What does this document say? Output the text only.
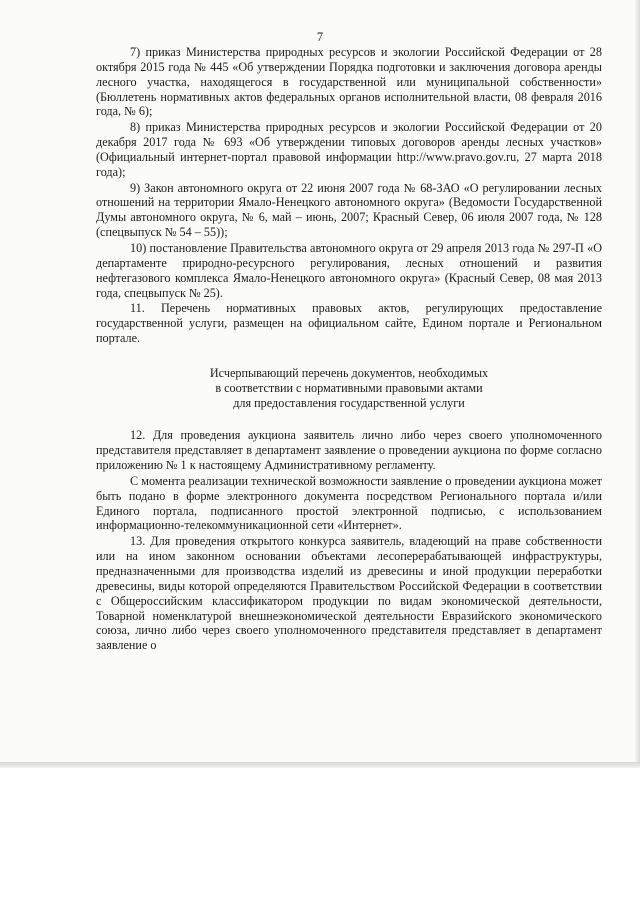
7

7) приказ Министерства природных ресурсов и экологии Российской Федерации от 28 октября 2015 года № 445 «Об утверждении Порядка подготовки и заключения договора аренды лесного участка, находящегося в государственной или муниципальной собственности» (Бюллетень нормативных актов федеральных органов исполнительной власти, 08 февраля 2016 года, № 6);

8) приказ Министерства природных ресурсов и экологии Российской Федерации от 20 декабря 2017 года № 693 «Об утверждении типовых договоров аренды лесных участков» (Официальный интернет-портал правовой информации http://www.pravo.gov.ru, 27 марта 2018 года);

9) Закон автономного округа от 22 июня 2007 года № 68-ЗАО «О регулировании лесных отношений на территории Ямало-Ненецкого автономного округа» (Ведомости Государственной Думы автономного округа, № 6, май – июнь, 2007; Красный Север, 06 июля 2007 года, № 128 (спецвыпуск № 54 – 55));

10) постановление Правительства автономного округа от 29 апреля 2013 года № 297-П «О департаменте природно-ресурсного регулирования, лесных отношений и развития нефтегазового комплекса Ямало-Ненецкого автономного округа» (Красный Север, 08 мая 2013 года, спецвыпуск № 25).

11. Перечень нормативных правовых актов, регулирующих предоставление государственной услуги, размещен на официальном сайте, Едином портале и Региональном портале.

Исчерпывающий перечень документов, необходимых
в соответствии с нормативными правовыми актами
для предоставления государственной услуги

12. Для проведения аукциона заявитель лично либо через своего уполномоченного представителя представляет в департамент заявление о проведении аукциона по форме согласно приложению № 1 к настоящему Административному регламенту.

С момента реализации технической возможности заявление о проведении аукциона может быть подано в форме электронного документа посредством Регионального портала и/или Единого портала, подписанного простой электронной подписью, с использованием информационно-телекоммуникационной сети «Интернет».

13. Для проведения открытого конкурса заявитель, владеющий на праве собственности или на ином законном основании объектами лесоперерабатывающей инфраструктуры, предназначенными для производства изделий из древесины и иной продукции переработки древесины, виды которой определяются Правительством Российской Федерации в соответствии с Общероссийским классификатором продукции по видам экономической деятельности, Товарной номенклатурой внешнеэкономической деятельности Евразийского экономического союза, лично либо через своего уполномоченного представителя представляет в департамент заявление о
